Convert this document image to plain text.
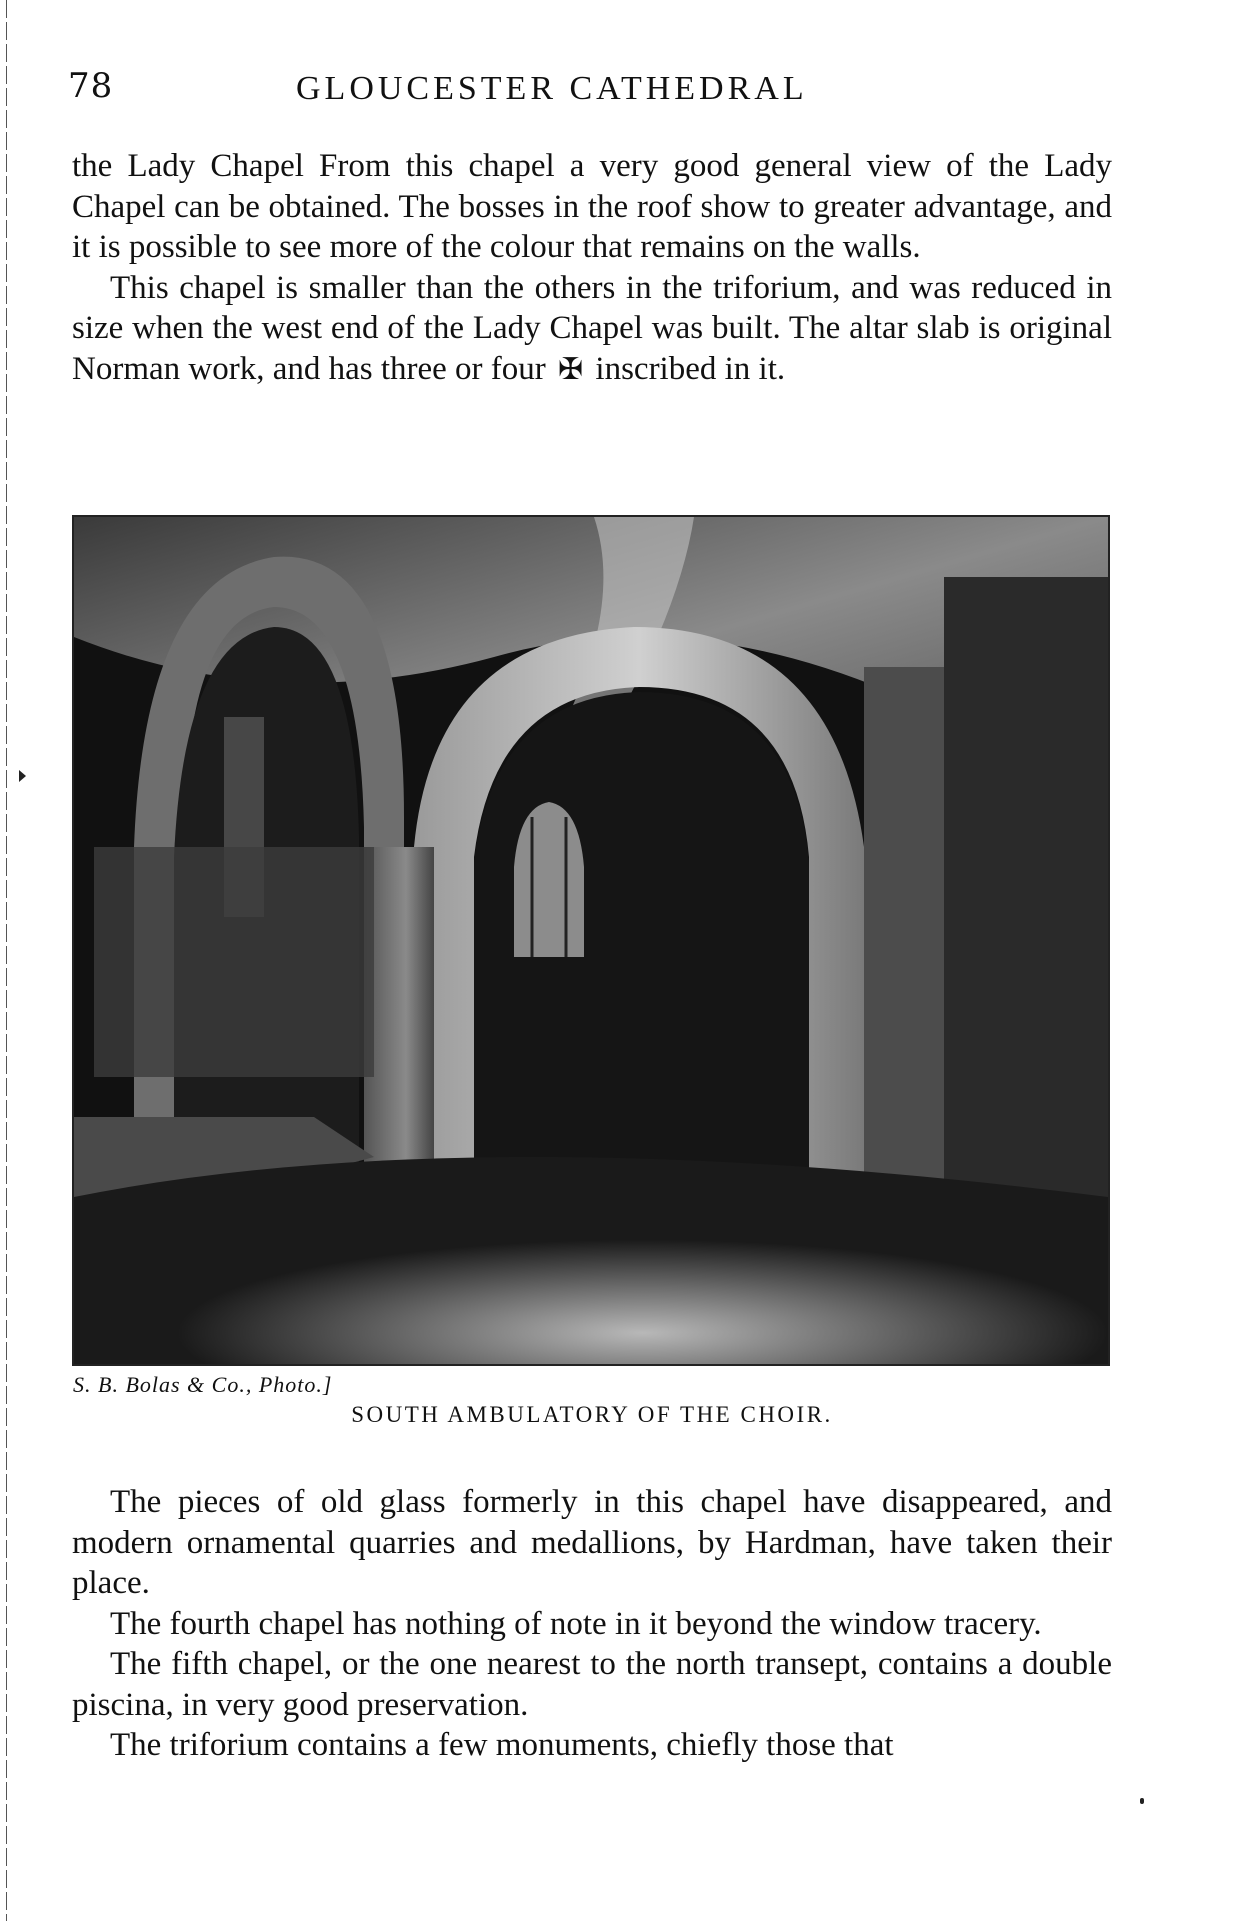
78	GLOUCESTER CATHEDRAL

the Lady Chapel From this chapel a very good general view of the Lady Chapel can be obtained. The bosses in the roof show to greater advantage, and it is possible to see more of the colour that remains on the walls.

This chapel is smaller than the others in the triforium, and was reduced in size when the west end of the Lady Chapel was built. The altar slab is original Norman work, and has three or four ✠ inscribed in it.

S. B. Bolas & Co., Photo.]
SOUTH AMBULATORY OF THE CHOIR.

The pieces of old glass formerly in this chapel have disappeared, and modern ornamental quarries and medallions, by Hardman, have taken their place.

The fourth chapel has nothing of note in it beyond the window tracery.

The fifth chapel, or the one nearest to the north transept, contains a double piscina, in very good preservation.

The triforium contains a few monuments, chiefly those that
